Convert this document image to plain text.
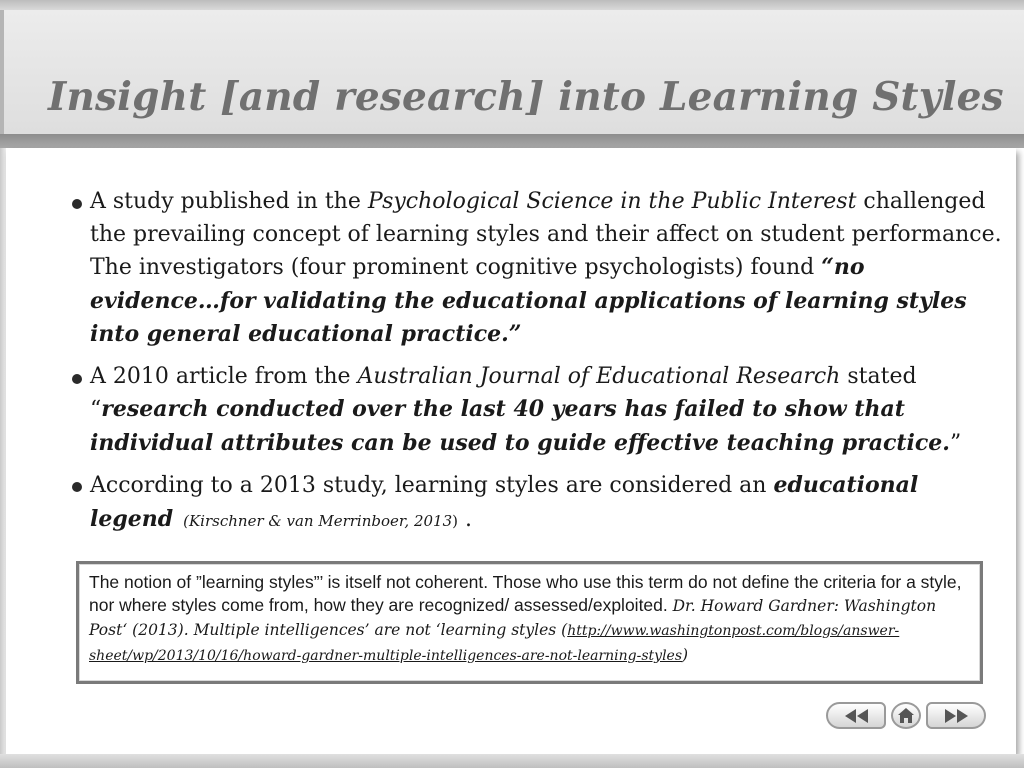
Insight [and research] into Learning Styles
A study published in the Psychological Science in the Public Interest challenged the prevailing concept of learning styles and their affect on student performance. The investigators (four prominent cognitive psychologists) found “no evidence…for validating the educational applications of learning styles into general educational practice.”
A 2010 article from the Australian Journal of Educational Research stated “research conducted over the last 40 years has failed to show that individual attributes can be used to guide effective teaching practice.”
According to a 2013 study, learning styles are considered an educational legend (Kirschner & van Merrinboer, 2013) .
The notion of ”learning styles”’ is itself not coherent. Those who use this term do not define the criteria for a style, nor where styles come from, how they are recognized/ assessed/exploited. Dr. Howard Gardner: Washington Post‘ (2013). Multiple intelligences’ are not ‘learning styles (http://www.washingtonpost.com/blogs/answer-sheet/wp/2013/10/16/howard-gardner-multiple-intelligences-are-not-learning-styles)
